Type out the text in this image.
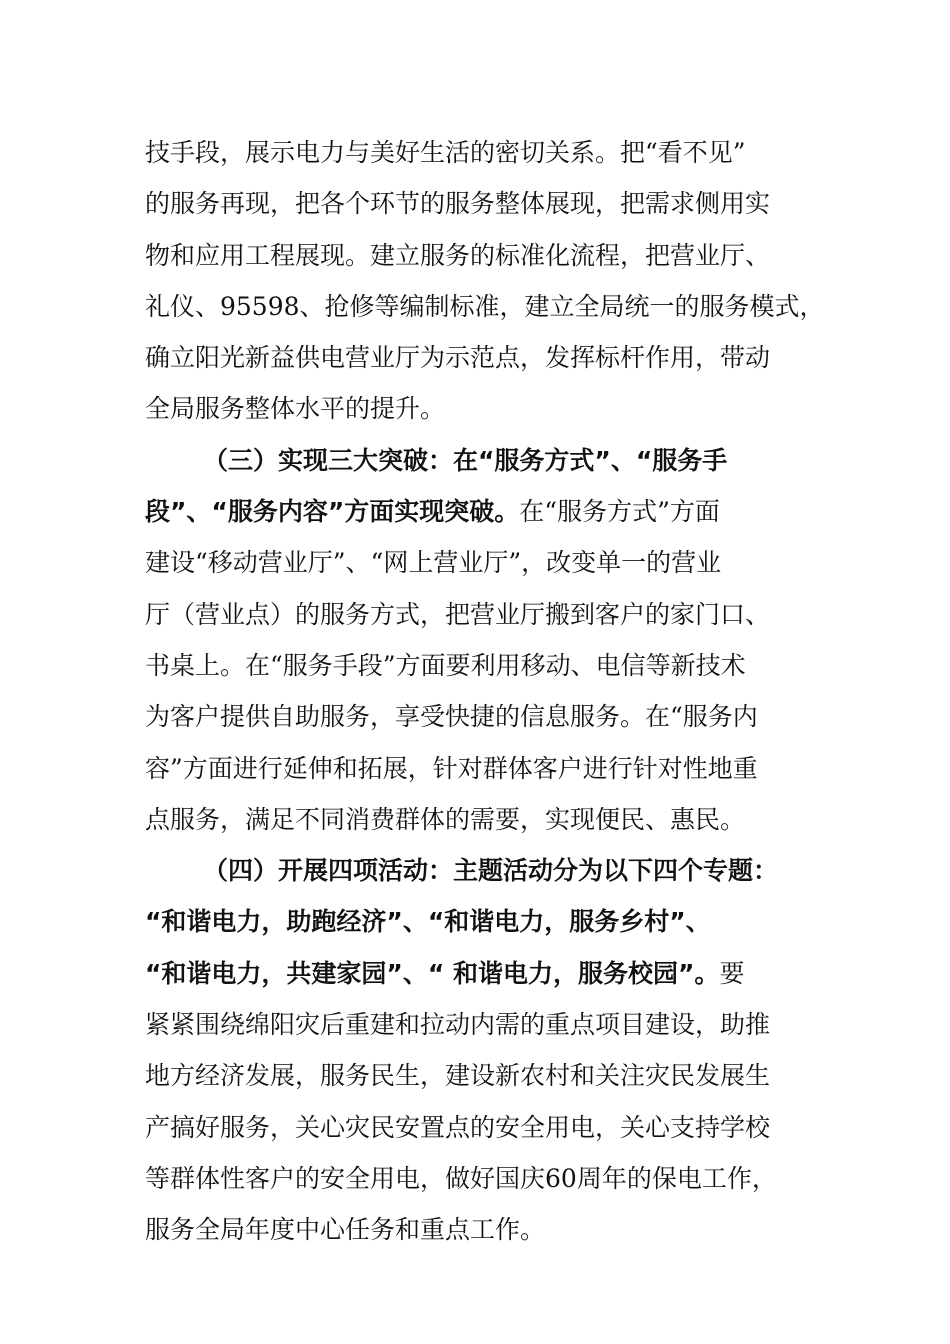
技手段，展示电力与美好生活的密切关系。把“看不见”
的服务再现，把各个环节的服务整体展现，把需求侧用实
物和应用工程展现。建立服务的标准化流程，把营业厅、
礼仪、95598、抢修等编制标准，建立全局统一的服务模式，
确立阳光新益供电营业厅为示范点，发挥标杆作用，带动
全局服务整体水平的提升。
（三）实现三大突破：在“服务方式”、“服务手
段”、“服务内容”方面实现突破。在“服务方式”方面
建设“移动营业厅”、“网上营业厅”，改变单一的营业
厅（营业点）的服务方式，把营业厅搬到客户的家门口、
书桌上。在“服务手段”方面要利用移动、电信等新技术
为客户提供自助服务，享受快捷的信息服务。在“服务内
容”方面进行延伸和拓展，针对群体客户进行针对性地重
点服务，满足不同消费群体的需要，实现便民、惠民。
（四）开展四项活动：主题活动分为以下四个专题：
“和谐电力，助跑经济”、“和谐电力，服务乡村”、
“和谐电力，共建家园”、“ 和谐电力，服务校园”。要
紧紧围绕绵阳灾后重建和拉动内需的重点项目建设，助推
地方经济发展，服务民生，建设新农村和关注灾民发展生
产搞好服务，关心灾民安置点的安全用电，关心支持学校
等群体性客户的安全用电，做好国庆60周年的保电工作，
服务全局年度中心任务和重点工作。
